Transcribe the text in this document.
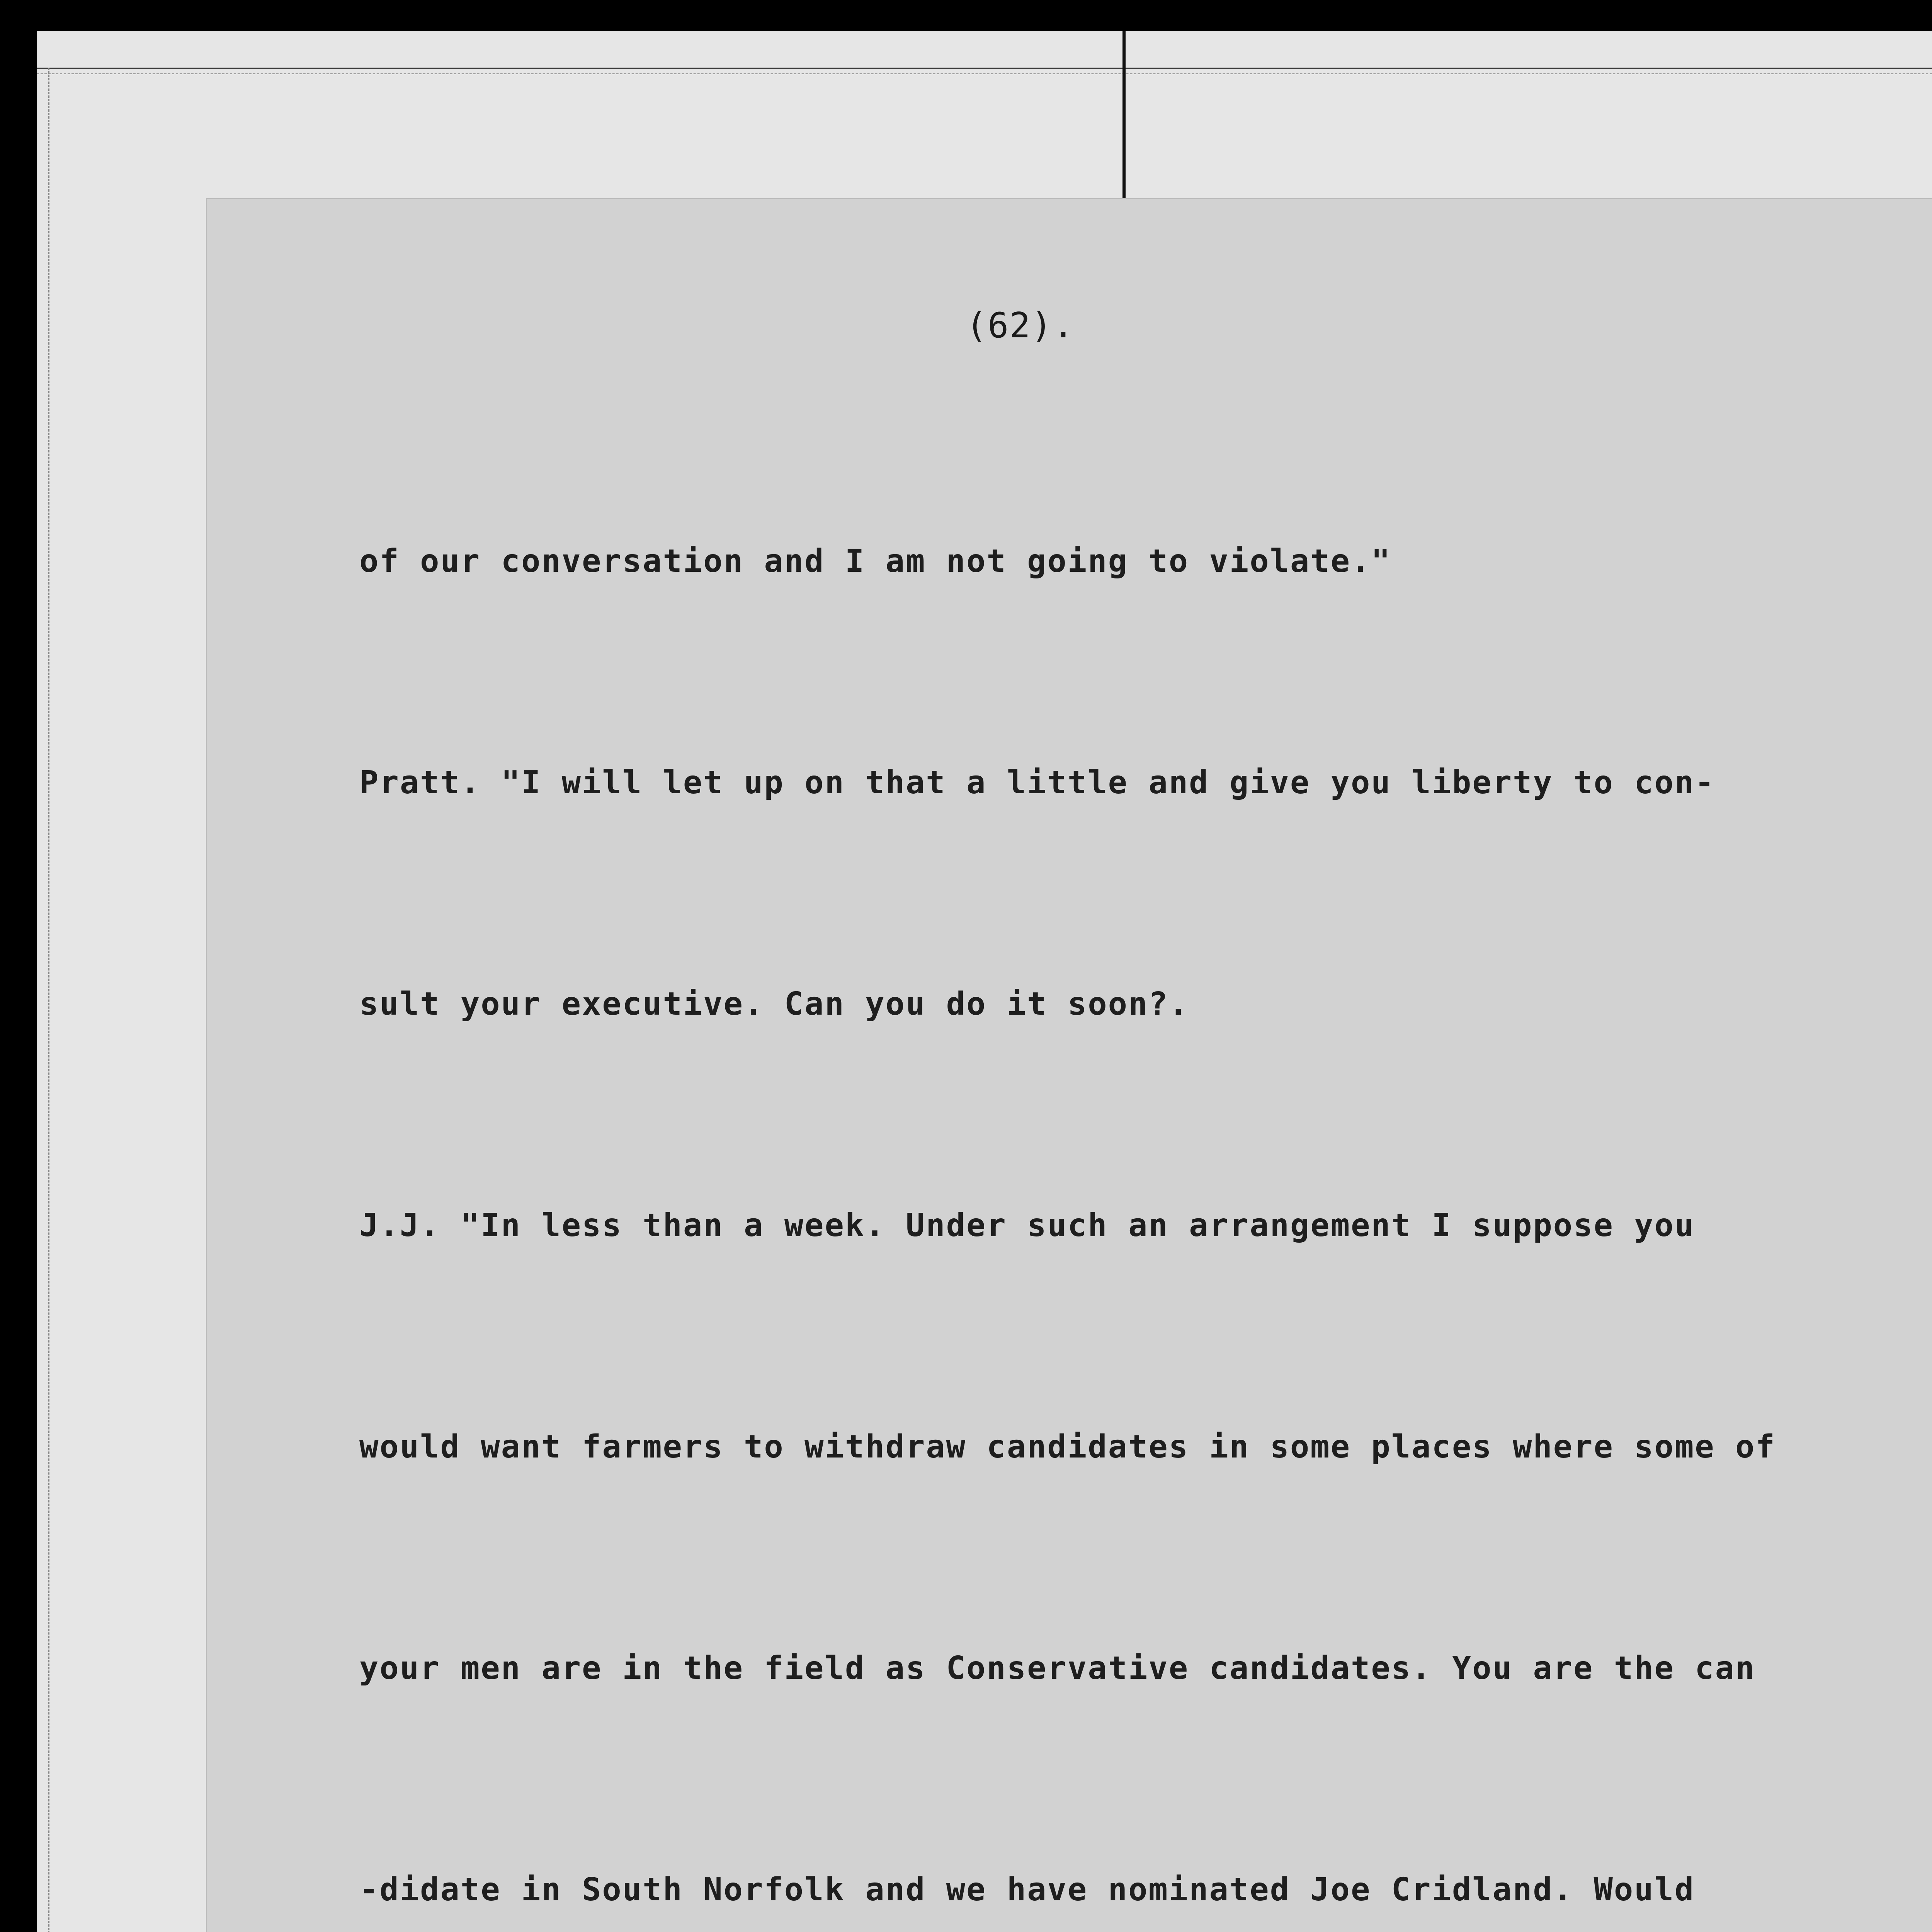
(62).

of our conversation and I am not going to violate."

Pratt. "I will let up on that a little and give you liberty to con-

sult your executive. Can you do it soon?.

J.J. "In less than a week. Under such an arrangement I suppose you

would want farmers to withdraw candidates in some places where some of

your men are in the field as Conservative candidates. You are the can

-didate in South Norfolk and we have nominated Joe Cridland. Would
